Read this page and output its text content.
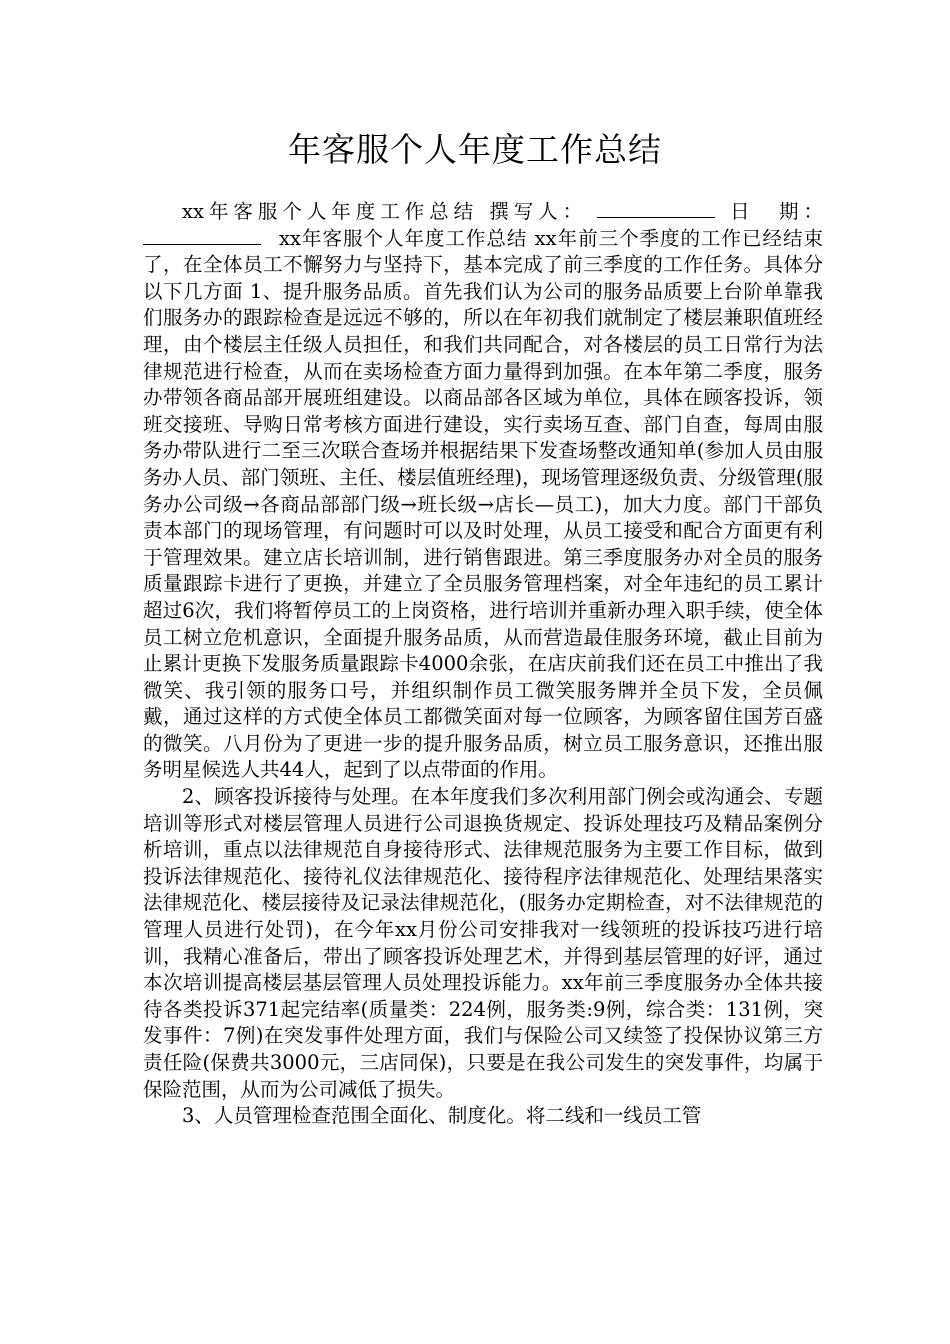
年客服个人年度工作总结

xx年客服个人年度工作总结 撰写人：	日　期：xx年客服个人年度工作总结 xx年前三个季度的工作已经结束了，在全体员工不懈努力与坚持下，基本完成了前三季度的工作任务。具体分以下几方面 1、提升服务品质。首先我们认为公司的服务品质要上台阶单靠我们服务办的跟踪检查是远远不够的，所以在年初我们就制定了楼层兼职值班经理，由个楼层主任级人员担任，和我们共同配合，对各楼层的员工日常行为法律规范进行检查，从而在卖场检查方面力量得到加强。在本年第二季度，服务办带领各商品部开展班组建设。以商品部各区域为单位，具体在顾客投诉，领班交接班、导购日常考核方面进行建设，实行卖场互查、部门自查，每周由服务办带队进行二至三次联合查场并根据结果下发查场整改通知单(参加人员由服务办人员、部门领班、主任、楼层值班经理)，现场管理逐级负责、分级管理(服务办公司级→各商品部部门级→班长级→店长—员工)，加大力度。部门干部负责本部门的现场管理，有问题时可以及时处理，从员工接受和配合方面更有利于管理效果。建立店长培训制，进行销售跟进。第三季度服务办对全员的服务质量跟踪卡进行了更换，并建立了全员服务管理档案，对全年违纪的员工累计超过6次，我们将暂停员工的上岗资格，进行培训并重新办理入职手续，使全体员工树立危机意识，全面提升服务品质，从而营造最佳服务环境，截止目前为止累计更换下发服务质量跟踪卡4000余张，在店庆前我们还在员工中推出了我微笑、我引领的服务口号，并组织制作员工微笑服务牌并全员下发，全员佩戴，通过这样的方式使全体员工都微笑面对每一位顾客，为顾客留住国芳百盛的微笑。八月份为了更进一步的提升服务品质，树立员工服务意识，还推出服务明星候选人共44人，起到了以点带面的作用。

2、顾客投诉接待与处理。在本年度我们多次利用部门例会或沟通会、专题培训等形式对楼层管理人员进行公司退换货规定、投诉处理技巧及精品案例分析培训，重点以法律规范自身接待形式、法律规范服务为主要工作目标，做到投诉法律规范化、接待礼仪法律规范化、接待程序法律规范化、处理结果落实法律规范化、楼层接待及记录法律规范化，(服务办定期检查，对不法律规范的管理人员进行处罚)，在今年xx月份公司安排我对一线领班的投诉技巧进行培训，我精心准备后，带出了顾客投诉处理艺术，并得到基层管理的好评，通过本次培训提高楼层基层管理人员处理投诉能力。xx年前三季度服务办全体共接待各类投诉371起完结率(质量类：224例，服务类:9例，综合类：131例，突发事件：7例)在突发事件处理方面，我们与保险公司又续签了投保协议第三方责任险(保费共3000元，三店同保)，只要是在我公司发生的突发事件，均属于保险范围，从而为公司减低了损失。

3、人员管理检查范围全面化、制度化。将二线和一线员工管
